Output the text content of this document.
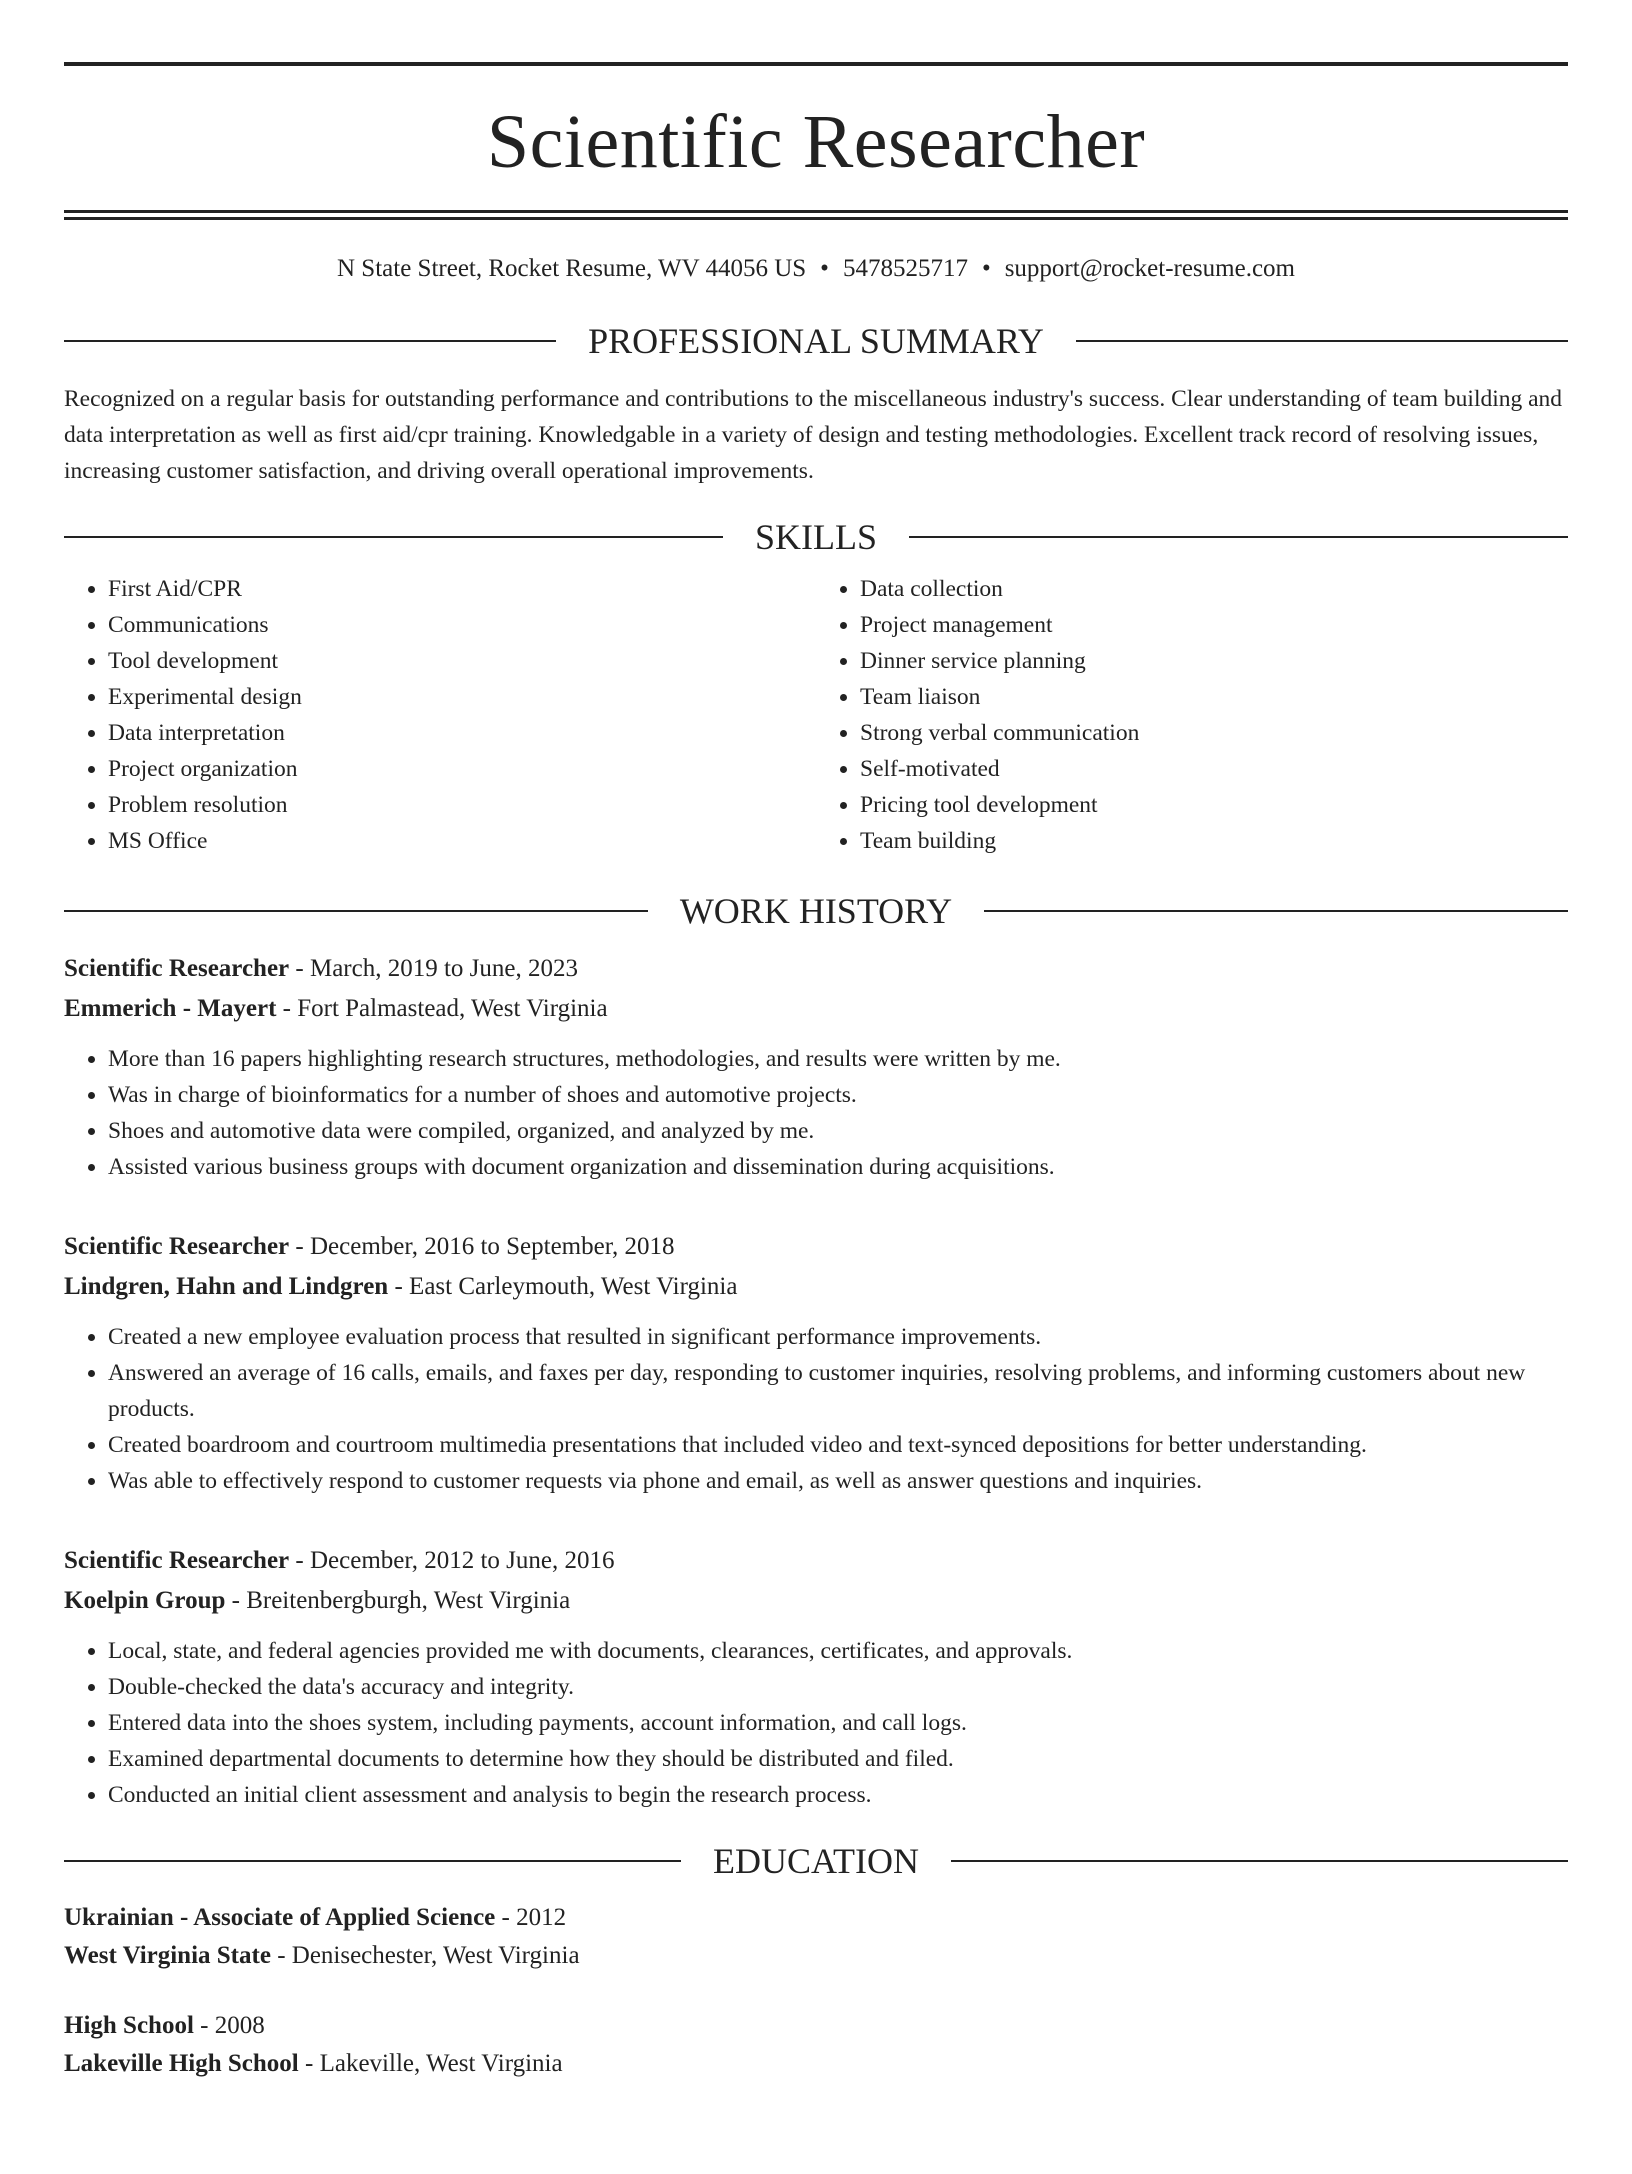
Scientific Researcher
N State Street, Rocket Resume, WV 44056 US • 5478525717 • support@rocket-resume.com
PROFESSIONAL SUMMARY
Recognized on a regular basis for outstanding performance and contributions to the miscellaneous industry's success. Clear understanding of team building and data interpretation as well as first aid/cpr training. Knowledgable in a variety of design and testing methodologies. Excellent track record of resolving issues, increasing customer satisfaction, and driving overall operational improvements.
SKILLS
• First Aid/CPR
• Communications
• Tool development
• Experimental design
• Data interpretation
• Project organization
• Problem resolution
• MS Office
• Data collection
• Project management
• Dinner service planning
• Team liaison
• Strong verbal communication
• Self-motivated
• Pricing tool development
• Team building
WORK HISTORY
Scientific Researcher - March, 2019 to June, 2023
Emmerich - Mayert - Fort Palmastead, West Virginia
• More than 16 papers highlighting research structures, methodologies, and results were written by me.
• Was in charge of bioinformatics for a number of shoes and automotive projects.
• Shoes and automotive data were compiled, organized, and analyzed by me.
• Assisted various business groups with document organization and dissemination during acquisitions.
Scientific Researcher - December, 2016 to September, 2018
Lindgren, Hahn and Lindgren - East Carleymouth, West Virginia
• Created a new employee evaluation process that resulted in significant performance improvements.
• Answered an average of 16 calls, emails, and faxes per day, responding to customer inquiries, resolving problems, and informing customers about new products.
• Created boardroom and courtroom multimedia presentations that included video and text-synced depositions for better understanding.
• Was able to effectively respond to customer requests via phone and email, as well as answer questions and inquiries.
Scientific Researcher - December, 2012 to June, 2016
Koelpin Group - Breitenbergburgh, West Virginia
• Local, state, and federal agencies provided me with documents, clearances, certificates, and approvals.
• Double-checked the data's accuracy and integrity.
• Entered data into the shoes system, including payments, account information, and call logs.
• Examined departmental documents to determine how they should be distributed and filed.
• Conducted an initial client assessment and analysis to begin the research process.
EDUCATION
Ukrainian - Associate of Applied Science - 2012
West Virginia State - Denisechester, West Virginia
High School - 2008
Lakeville High School - Lakeville, West Virginia
